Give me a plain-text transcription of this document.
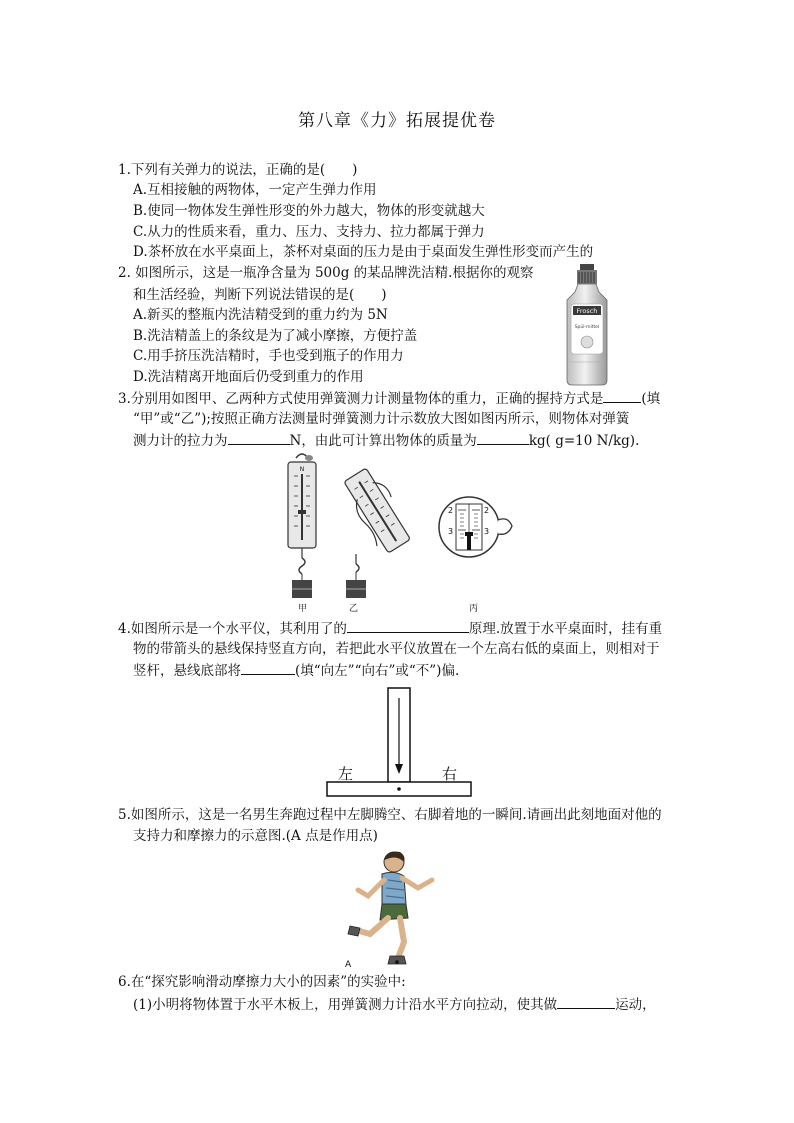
第八章《力》拓展提优卷
1.下列有关弹力的说法，正确的是(　　)
A.互相接触的两物体，一定产生弹力作用
B.使同一物体发生弹性形变的外力越大，物体的形变就越大
C.从力的性质来看，重力、压力、支持力、拉力都属于弹力
D.茶杯放在水平桌面上，茶杯对桌面的压力是由于桌面发生弹性形变而产生的
2. 如图所示，这是一瓶净含量为 500g 的某品牌洗洁精.根据你的观察
和生活经验，判断下列说法错误的是(　　)
A.新买的整瓶内洗洁精受到的重力约为 5N
B.洗洁精盖上的条纹是为了减小摩擦，方便拧盖
C.用手挤压洗洁精时，手也受到瓶子的作用力
D.洗洁精离开地面后仍受到重力的作用
Frosch
Spül-mittel
3.分别用如图甲、乙两种方式使用弹簧测力计测量物体的重力，正确的握持方式是	(填
“甲”或“乙”);按照正确方法测量时弹簧测力计示数放大图如图丙所示，则物体对弹簧
测力计的拉力为	N，由此可计算出物体的质量为	kg( g=10 N/kg).
N
甲	乙
2
3
2
3
丙
4.如图所示是一个水平仪，其利用了的	原理.放置于水平桌面时，挂有重
物的带箭头的悬线保持竖直方向，若把此水平仪放置在一个左高右低的桌面上，则相对于
竖杆，悬线底部将	(填“向左”“向右”或“不”)偏.
左	右
5.如图所示，这是一名男生奔跑过程中左脚腾空、右脚着地的一瞬间.请画出此刻地面对他的
支持力和摩擦力的示意图.(A 点是作用点)
A
6.在“探究影响滑动摩擦力大小的因素”的实验中:
(1)小明将物体置于水平木板上，用弹簧测力计沿水平方向拉动，使其做	运动，
